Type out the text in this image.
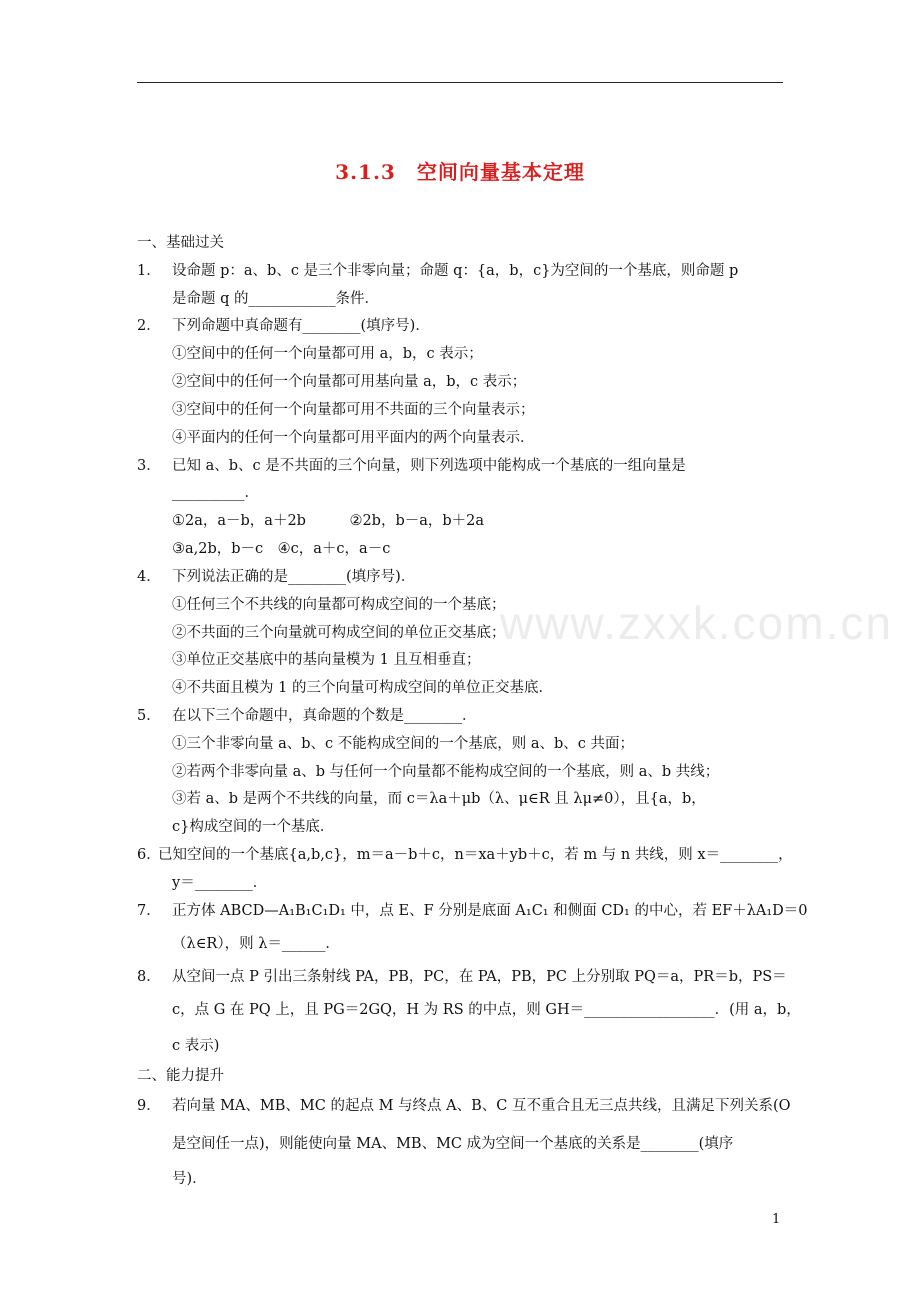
www.zxxk.com.cn
3.1.3　空间向量基本定理
一、基础过关
1． 设命题 p：a、b、c 是三个非零向量；命题 q：{a，b，c}为空间的一个基底，则命题 p
是命题 q 的____________条件．
2． 下列命题中真命题有________(填序号)．
①空间中的任何一个向量都可用 a，b，c 表示；
②空间中的任何一个向量都可用基向量 a，b，c 表示；
③空间中的任何一个向量都可用不共面的三个向量表示；
④平面内的任何一个向量都可用平面内的两个向量表示．
3． 已知 a、b、c 是不共面的三个向量，则下列选项中能构成一个基底的一组向量是
__________．
①2a，a－b，a＋2b　　　②2b，b－a，b＋2a
③a,2b，b－c　④c，a＋c，a－c
4． 下列说法正确的是________(填序号)．
①任何三个不共线的向量都可构成空间的一个基底；
②不共面的三个向量就可构成空间的单位正交基底；
③单位正交基底中的基向量模为 1 且互相垂直；
④不共面且模为 1 的三个向量可构成空间的单位正交基底．
5． 在以下三个命题中，真命题的个数是________．
①三个非零向量 a、b、c 不能构成空间的一个基底，则 a、b、c 共面；
②若两个非零向量 a、b 与任何一个向量都不能构成空间的一个基底，则 a、b 共线；
③若 a、b 是两个不共线的向量，而 c＝λa＋μb（λ、μ∈R 且 λμ≠0），且{a，b，
c}构成空间的一个基底．
6．
已知空间的一个基底{a,b,c}，m＝a－b＋c，n＝xa＋yb＋c，若 m 与 n 共线，则 x＝________，
y＝________．
7． 正方体 ABCD—A₁B₁C₁D₁ 中，点 E、F 分别是底面 A₁C₁ 和侧面 CD₁ 的中心，若 EF＋λA₁D＝0
（λ∈R），则 λ＝______．
8． 从空间一点 P 引出三条射线 PA，PB，PC，在 PA，PB，PC 上分别取 PQ＝a，PR＝b，PS＝
c，点 G 在 PQ 上，且 PG＝2GQ，H 为 RS 的中点，则 GH＝__________________．(用 a，b，
c 表示)
二、能力提升
9． 若向量 MA、MB、MC 的起点 M 与终点 A、B、C 互不重合且无三点共线，且满足下列关系(O
是空间任一点)，则能使向量 MA、MB、MC 成为空间一个基底的关系是________(填序
号)．
1
